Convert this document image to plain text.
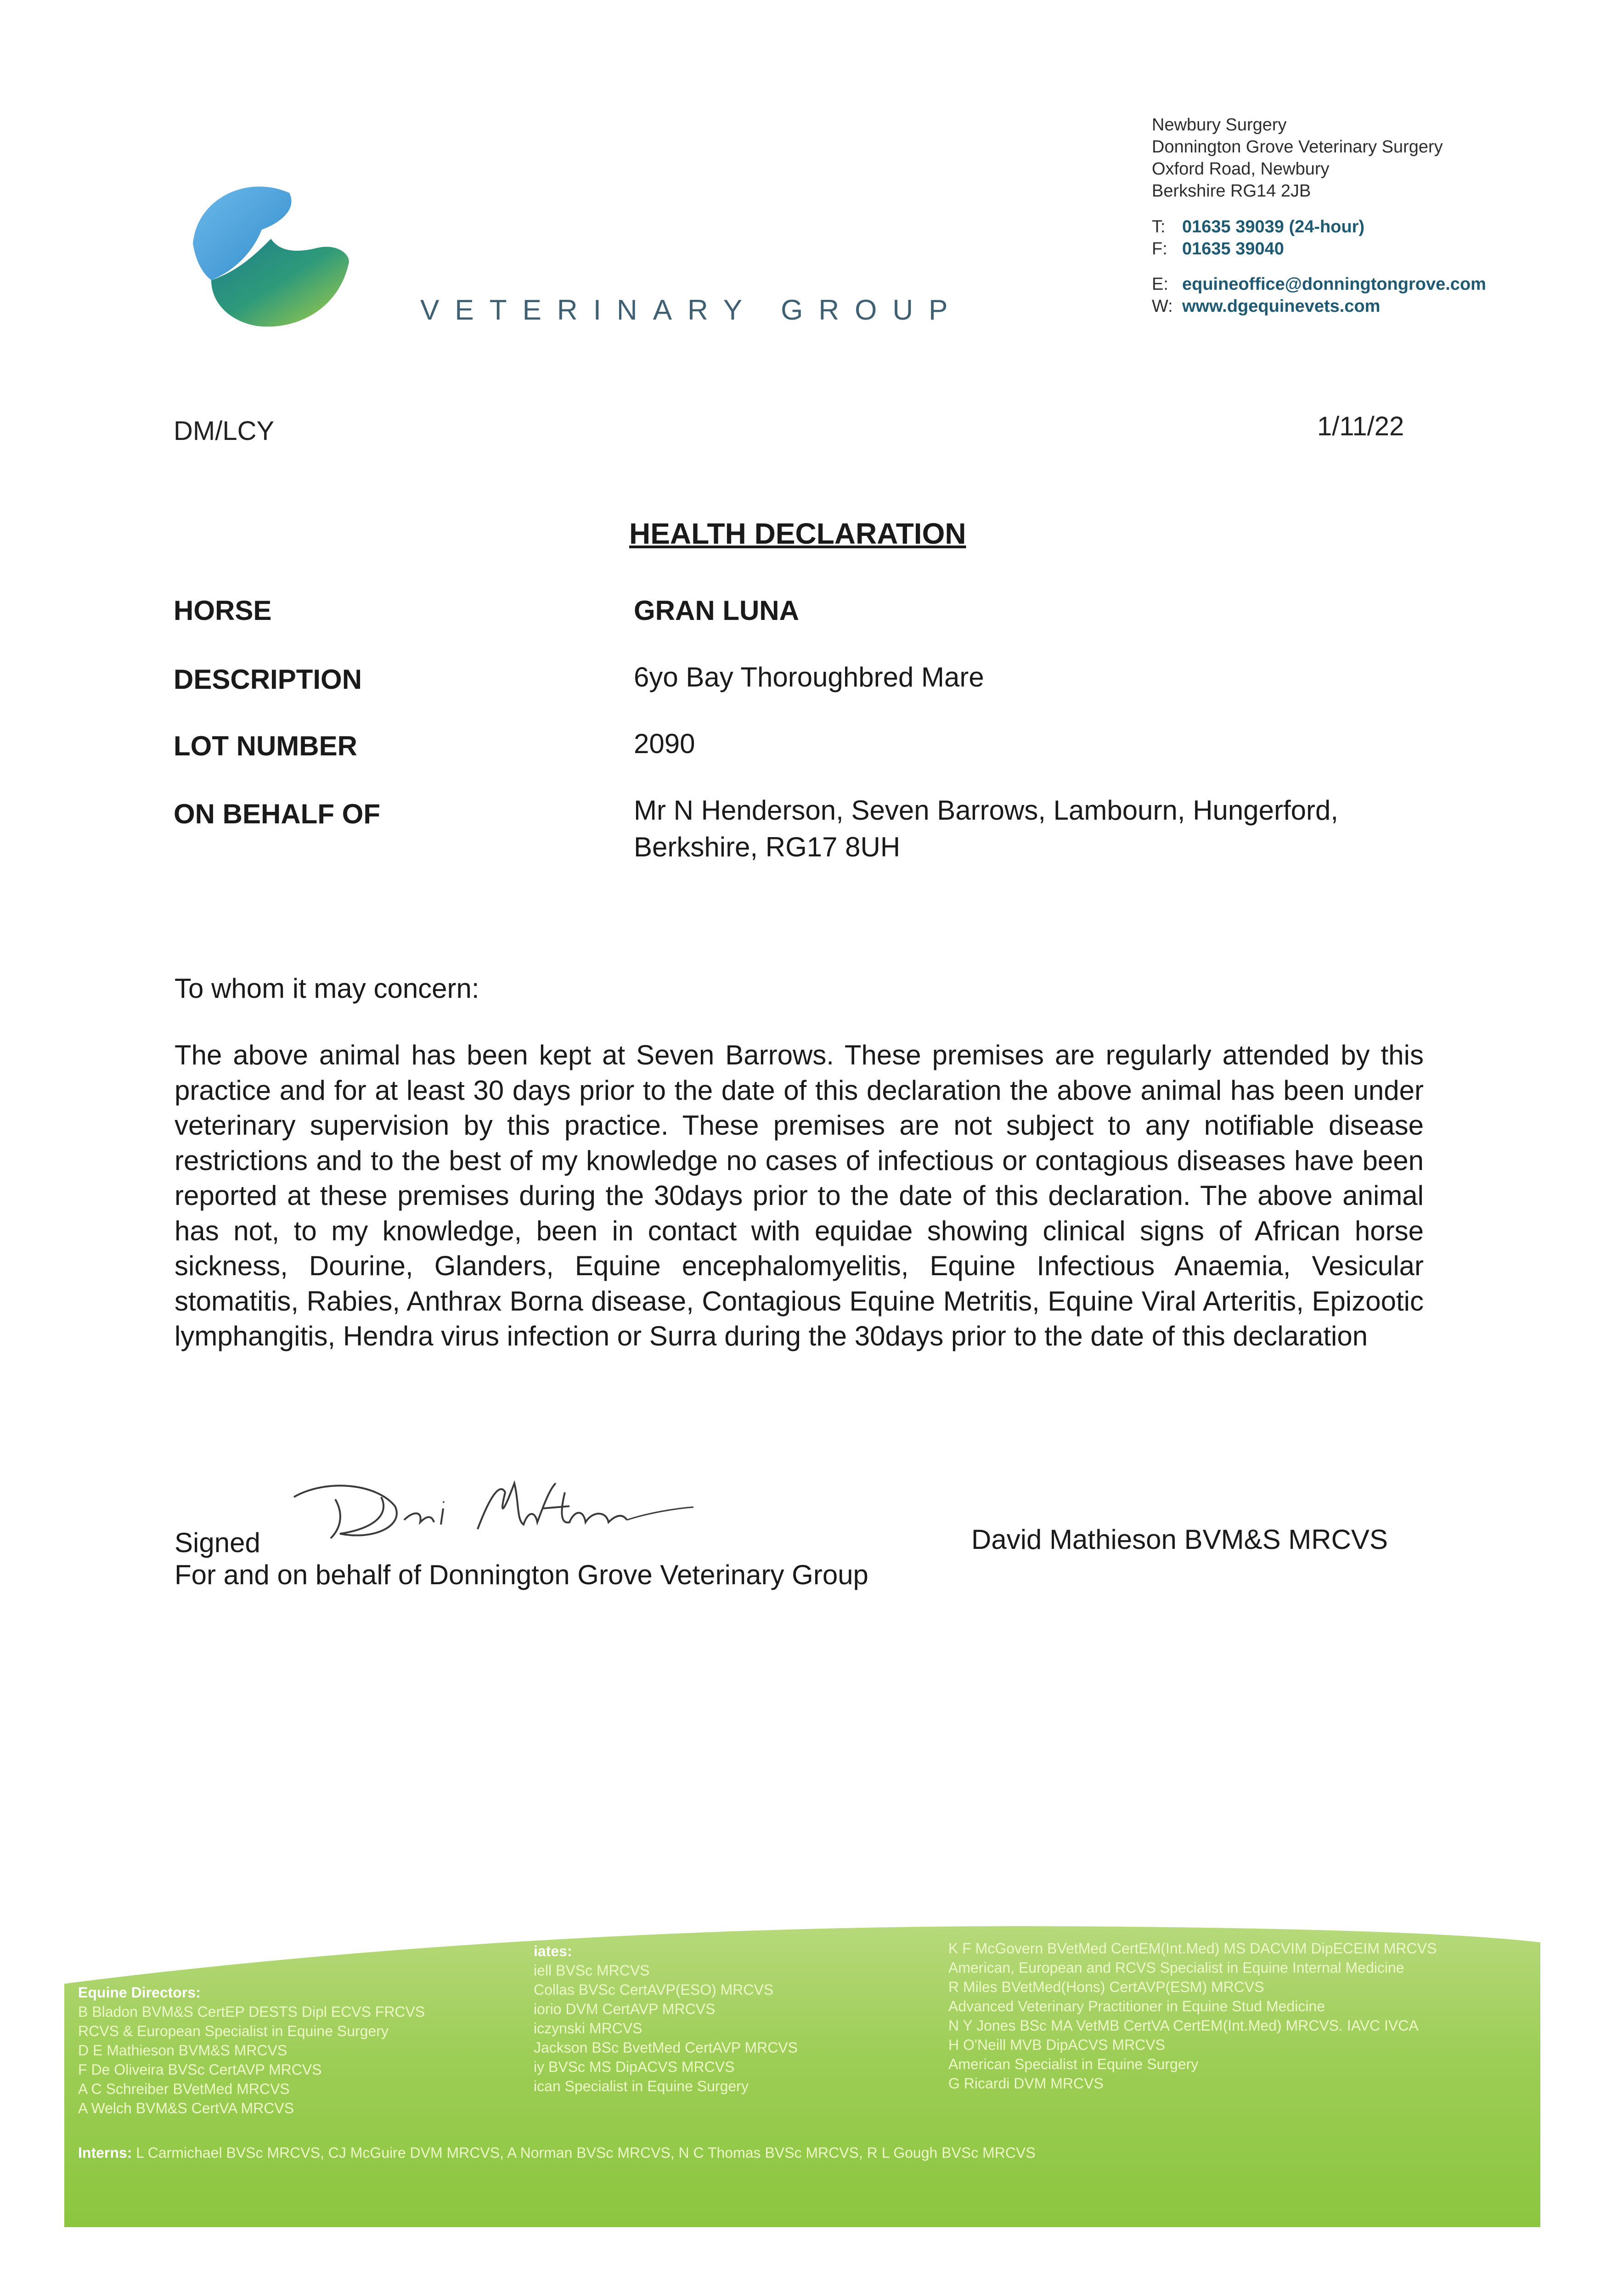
VETERINARY GROUP
Newbury Surgery
Donnington Grove Veterinary Surgery
Oxford Road, Newbury
Berkshire RG14 2JB
T: 01635 39039 (24-hour)
F: 01635 39040
E: equineoffice@donningtongrove.com
W: www.dgequinevets.com
DM/LCY	1/11/22
HEALTH DECLARATION
HORSE	GRAN LUNA
DESCRIPTION	6yo Bay Thoroughbred Mare
LOT NUMBER	2090
ON BEHALF OF	Mr N Henderson, Seven Barrows, Lambourn, Hungerford,
Berkshire, RG17 8UH
To whom it may concern:
The above animal has been kept at Seven Barrows. These premises are regularly attended by this practice and for at least 30 days prior to the date of this declaration the above animal has been under veterinary supervision by this practice. These premises are not subject to any notifiable disease restrictions and to the best of my knowledge no cases of infectious or contagious diseases have been reported at these premises during the 30days prior to the date of this declaration. The above animal has not, to my knowledge, been in contact with equidae showing clinical signs of African horse sickness, Dourine, Glanders, Equine encephalomyelitis, Equine Infectious Anaemia, Vesicular stomatitis, Rabies, Anthrax Borna disease, Contagious Equine Metritis, Equine Viral Arteritis, Epizootic lymphangitis, Hendra virus infection or Surra during the 30days prior to the date of this declaration
Signed	David Mathieson BVM&S MRCVS
For and on behalf of Donnington Grove Veterinary Group
Equine Directors:
B Bladon BVM&S CertEP DESTS Dipl ECVS FRCVS
RCVS & European Specialist in Equine Surgery
D E Mathieson BVM&S MRCVS
F De Oliveira BVSc CertAVP MRCVS
A C Schreiber BVetMed MRCVS
A Welch BVM&S CertVA MRCVS
iates:
iell BVSc MRCVS
Collas BVSc CertAVP(ESO) MRCVS
iorio DVM CertAVP MRCVS
iczynski MRCVS
Jackson BSc BvetMed CertAVP MRCVS
iy BVSc MS DipACVS MRCVS
ican Specialist in Equine Surgery
K F McGovern BVetMed CertEM(Int.Med) MS DACVIM DipECEIM MRCVS
American, European and RCVS Specialist in Equine Internal Medicine
R Miles BVetMed(Hons) CertAVP(ESM) MRCVS
Advanced Veterinary Practitioner in Equine Stud Medicine
N Y Jones BSc MA VetMB CertVA CertEM(Int.Med) MRCVS. IAVC IVCA
H O'Neill MVB DipACVS MRCVS
American Specialist in Equine Surgery
G Ricardi DVM MRCVS
Interns: L Carmichael BVSc MRCVS, CJ McGuire DVM MRCVS, A Norman BVSc MRCVS, N C Thomas BVSc MRCVS, R L Gough BVSc MRCVS
